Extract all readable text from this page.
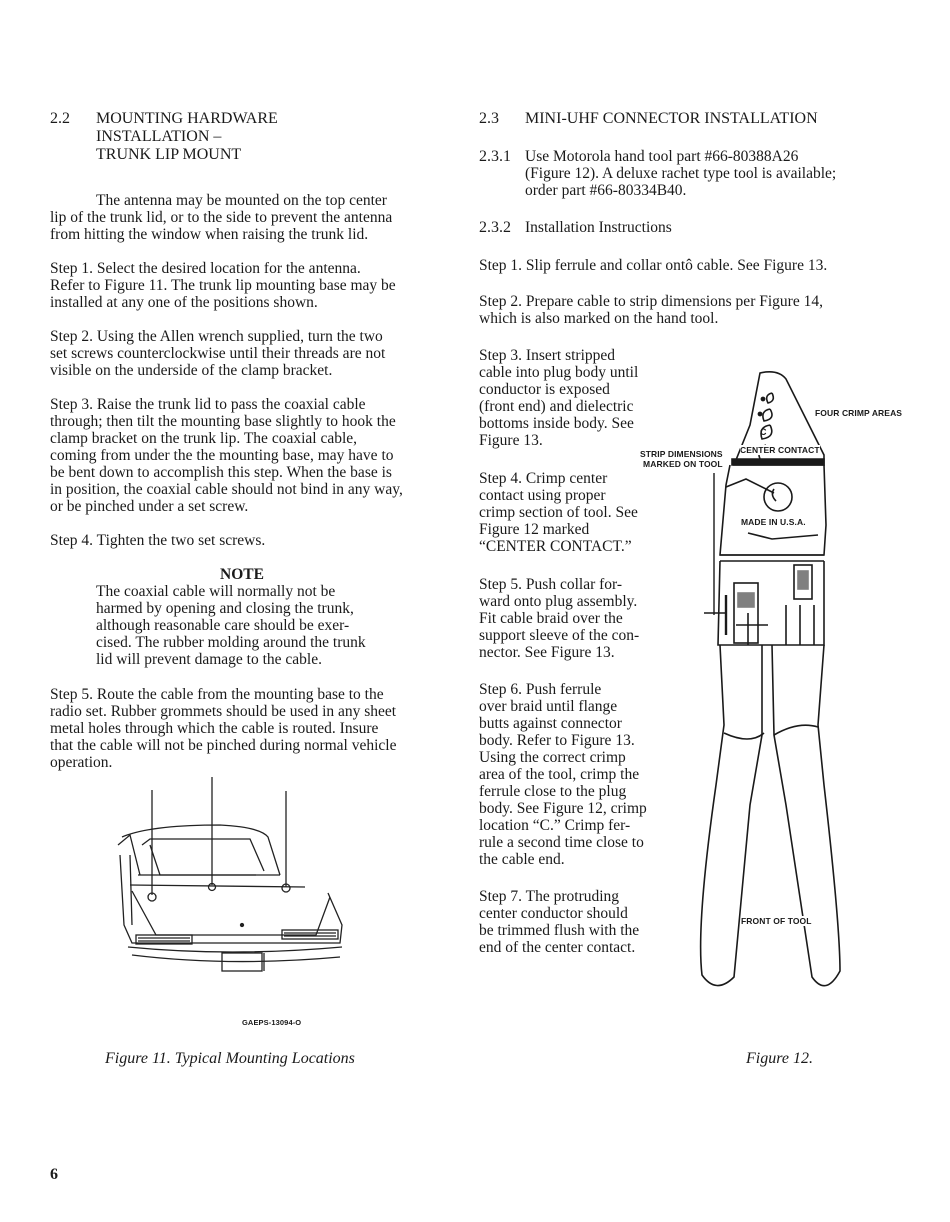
2.2 MOUNTING HARDWARE
INSTALLATION –
TRUNK LIP MOUNT
The antenna may be mounted on the top center
lip of the trunk lid, or to the side to prevent the antenna
from hitting the window when raising the trunk lid.
Step 1. Select the desired location for the antenna.
Refer to Figure 11. The trunk lip mounting base may be
installed at any one of the positions shown.
Step 2. Using the Allen wrench supplied, turn the two
set screws counterclockwise until their threads are not
visible on the underside of the clamp bracket.
Step 3. Raise the trunk lid to pass the coaxial cable
through; then tilt the mounting base slightly to hook the
clamp bracket on the trunk lip. The coaxial cable,
coming from under the the mounting base, may have to
be bent down to accomplish this step. When the base is
in position, the coaxial cable should not bind in any way,
or be pinched under a set screw.
Step 4. Tighten the two set screws.
NOTE
The coaxial cable will normally not be
harmed by opening and closing the trunk,
although reasonable care should be exer-
cised. The rubber molding around the trunk
lid will prevent damage to the cable.
Step 5. Route the cable from the mounting base to the
radio set. Rubber grommets should be used in any sheet
metal holes through which the cable is routed. Insure
that the cable will not be pinched during normal vehicle
operation.
GAEPS-13094-O
Figure 11. Typical Mounting Locations
2.3 MINI-UHF CONNECTOR INSTALLATION
2.3.1 Use Motorola hand tool part #66-80388A26
(Figure 12). A deluxe rachet type tool is available;
order part #66-80334B40.
2.3.2 Installation Instructions
Step 1. Slip ferrule and collar ontô cable. See Figure 13.
Step 2. Prepare cable to strip dimensions per Figure 14,
which is also marked on the hand tool.
Step 3. Insert stripped
cable into plug body until
conductor is exposed
(front end) and dielectric
bottoms inside body. See
Figure 13.
Step 4. Crimp center
contact using proper
crimp section of tool. See
Figure 12 marked
“CENTER CONTACT.”
Step 5. Push collar for-
ward onto plug assembly.
Fit cable braid over the
support sleeve of the con-
nector. See Figure 13.
Step 6. Push ferrule
over braid until flange
butts against connector
body. Refer to Figure 13.
Using the correct crimp
area of the tool, crimp the
ferrule close to the plug
body. See Figure 12, crimp
location “C.” Crimp fer-
rule a second time close to
the cable end.
Step 7. The protruding
center conductor should
be trimmed flush with the
end of the center contact.
FOUR CRIMP AREAS
STRIP DIMENSIONS
MARKED ON TOOL
CENTER CONTACT
C
MADE IN U.S.A.
FRONT OF TOOL
Figure 12.
6
